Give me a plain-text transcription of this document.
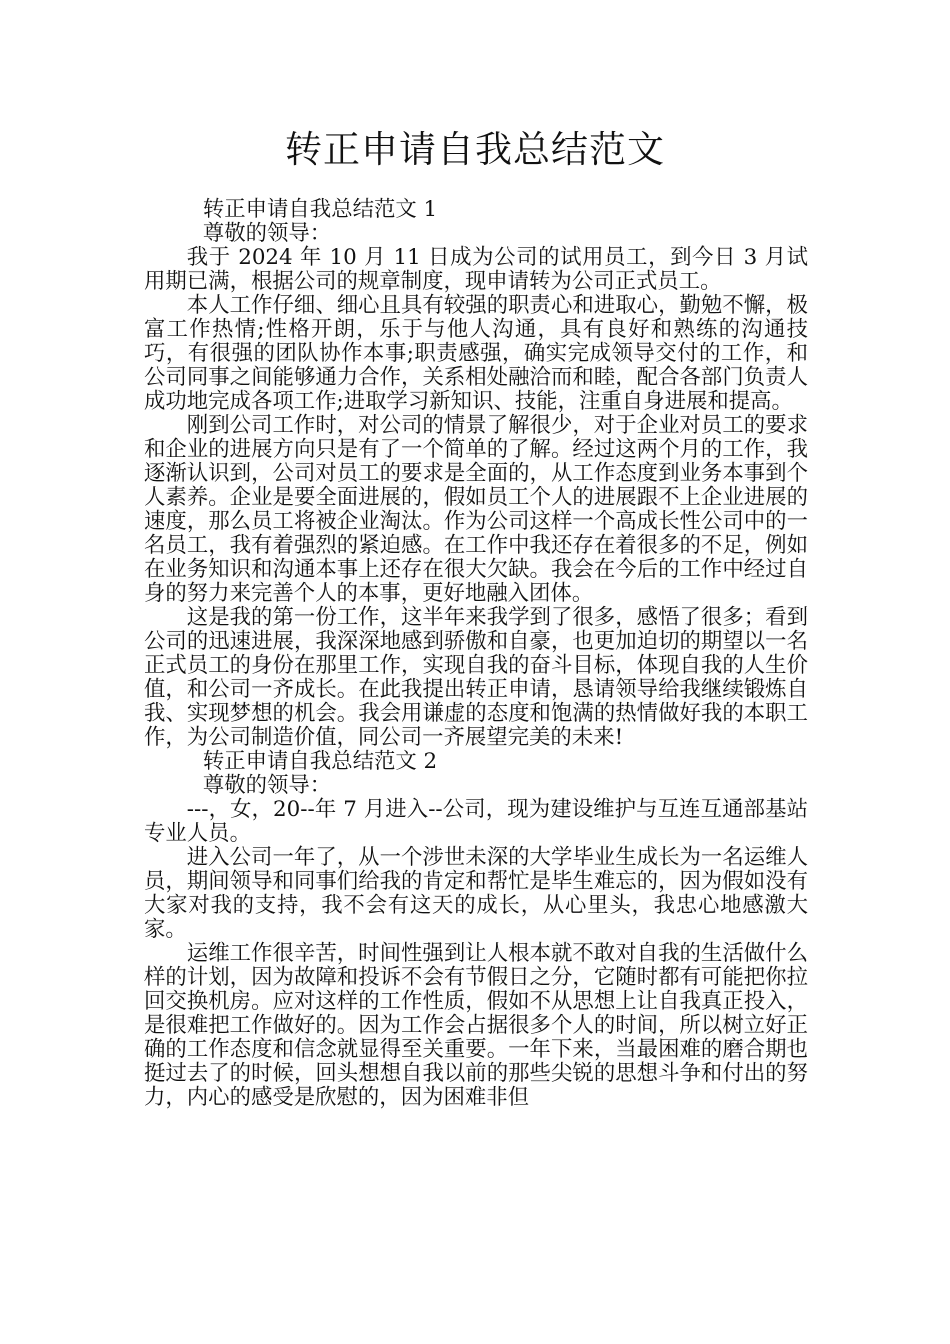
转正申请自我总结范文

转正申请自我总结范文 1

尊敬的领导：

我于 2024 年 10 月 11 日成为公司的试用员工，到今日 3 月试用期已满，根据公司的规章制度，现申请转为公司正式员工。

本人工作仔细、细心且具有较强的职责心和进取心，勤勉不懈，极富工作热情;性格开朗，乐于与他人沟通，具有良好和熟练的沟通技巧，有很强的团队协作本事;职责感强，确实完成领导交付的工作，和公司同事之间能够通力合作，关系相处融洽而和睦，配合各部门负责人成功地完成各项工作;进取学习新知识、技能，注重自身进展和提高。

刚到公司工作时，对公司的情景了解很少，对于企业对员工的要求和企业的进展方向只是有了一个简单的了解。经过这两个月的工作，我逐渐认识到，公司对员工的要求是全面的，从工作态度到业务本事到个人素养。企业是要全面进展的，假如员工个人的进展跟不上企业进展的速度，那么员工将被企业淘汰。作为公司这样一个高成长性公司中的一名员工，我有着强烈的紧迫感。在工作中我还存在着很多的不足，例如在业务知识和沟通本事上还存在很大欠缺。我会在今后的工作中经过自身的努力来完善个人的本事，更好地融入团体。

这是我的第一份工作，这半年来我学到了很多，感悟了很多；看到公司的迅速进展，我深深地感到骄傲和自豪，也更加迫切的期望以一名正式员工的身份在那里工作，实现自我的奋斗目标，体现自我的人生价值，和公司一齐成长。在此我提出转正申请，恳请领导给我继续锻炼自我、实现梦想的机会。我会用谦虚的态度和饱满的热情做好我的本职工作，为公司制造价值，同公司一齐展望完美的未来!

转正申请自我总结范文 2

尊敬的领导：

---，女，20--年 7 月进入--公司，现为建设维护与互连互通部基站专业人员。

进入公司一年了，从一个涉世未深的大学毕业生成长为一名运维人员，期间领导和同事们给我的肯定和帮忙是毕生难忘的，因为假如没有大家对我的支持，我不会有这天的成长，从心里头，我忠心地感激大家。

运维工作很辛苦，时间性强到让人根本就不敢对自我的生活做什么样的计划，因为故障和投诉不会有节假日之分，它随时都有可能把你拉回交换机房。应对这样的工作性质，假如不从思想上让自我真正投入，是很难把工作做好的。因为工作会占据很多个人的时间，所以树立好正确的工作态度和信念就显得至关重要。一年下来，当最困难的磨合期也挺过去了的时候，回头想想自我以前的那些尖锐的思想斗争和付出的努力，内心的感受是欣慰的，因为困难非但
